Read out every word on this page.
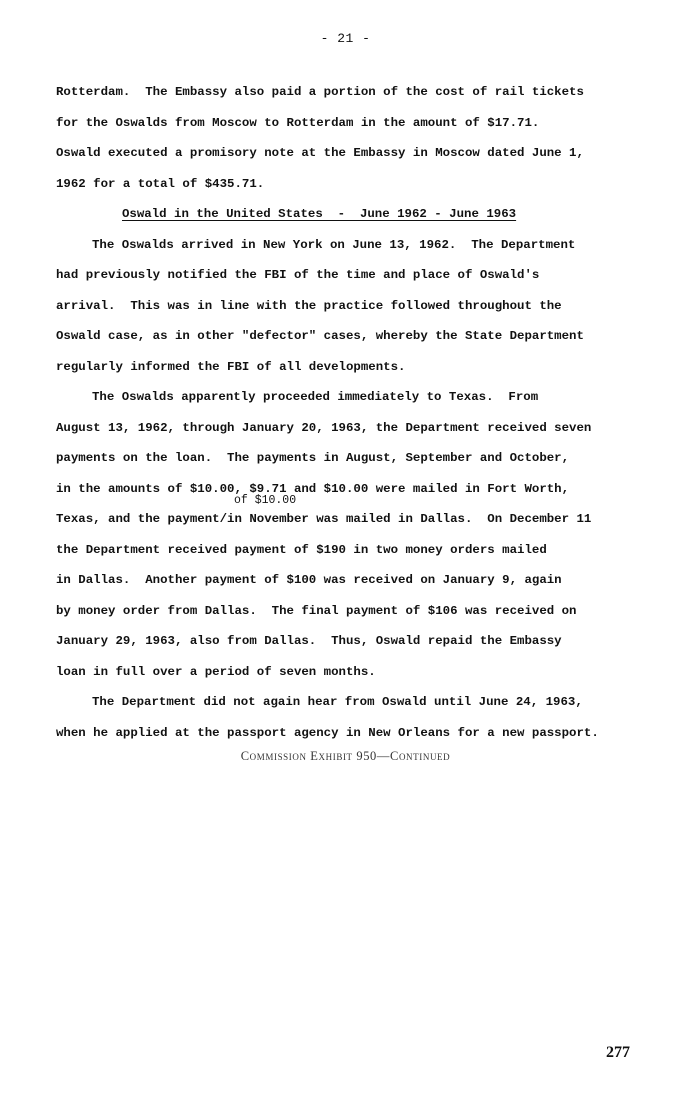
- 21 -
Rotterdam.  The Embassy also paid a portion of the cost of rail tickets
for the Oswalds from Moscow to Rotterdam in the amount of $17.71.
Oswald executed a promisory note at the Embassy in Moscow dated June 1,
1962 for a total of $435.71.
Oswald in the United States  -  June 1962 - June 1963
The Oswalds arrived in New York on June 13, 1962.  The Department
had previously notified the FBI of the time and place of Oswald's
arrival.  This was in line with the practice followed throughout the
Oswald case, as in other "defector" cases, whereby the State Department
regularly informed the FBI of all developments.
The Oswalds apparently proceeded immediately to Texas.  From
August 13, 1962, through January 20, 1963, the Department received seven
payments on the loan.  The payments in August, September and October,
in the amounts of $10.00, $9.71 and $10.00 were mailed in Fort Worth,
Texas, and the payment/in November was mailed in Dallas.  On December 11
the Department received payment of $190 in two money orders mailed
in Dallas.  Another payment of $100 was received on January 9, again
by money order from Dallas.  The final payment of $106 was received on
January 29, 1963, also from Dallas.  Thus, Oswald repaid the Embassy
loan in full over a period of seven months.
The Department did not again hear from Oswald until June 24, 1963,
when he applied at the passport agency in New Orleans for a new passport.
of $10.00
Commission Exhibit 950—Continued
277
